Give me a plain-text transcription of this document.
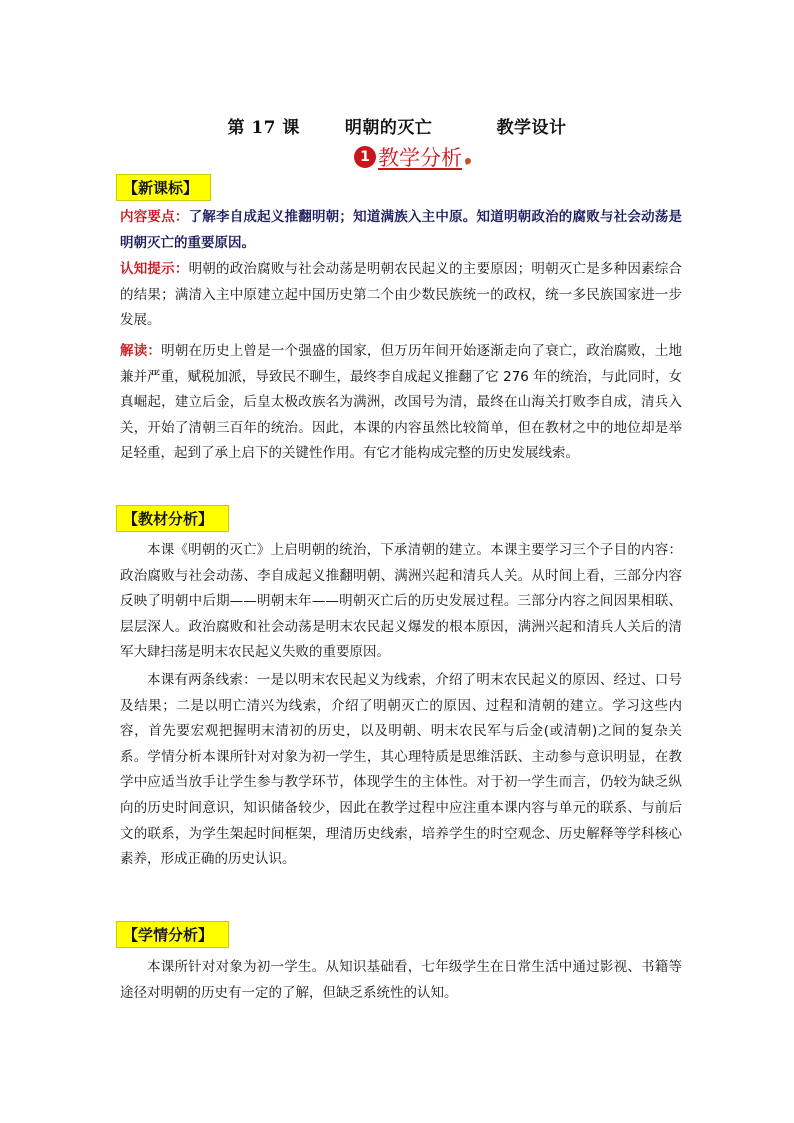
第 17 课	明朝的灭亡	教学设计
1 教学分析
【新课标】

内容要点：了解李自成起义推翻明朝；知道满族入主中原。知道明朝政治的腐败与社会动荡是明朝灭亡的重要原因。

认知提示：明朝的政治腐败与社会动荡是明朝农民起义的主要原因；明朝灭亡是多种因素综合的结果；满清入主中原建立起中国历史第二个由少数民族统一的政权，统一多民族国家进一步发展。

解读：明朝在历史上曾是一个强盛的国家，但万历年间开始逐渐走向了衰亡，政治腐败，土地兼并严重，赋税加派，导致民不聊生，最终李自成起义推翻了它 276 年的统治，与此同时，女真崛起，建立后金，后皇太极改族名为满洲，改国号为清，最终在山海关打败李自成，清兵入关，开始了清朝三百年的统治。因此，本课的内容虽然比较简单，但在教材之中的地位却是举足轻重，起到了承上启下的关键性作用。有它才能构成完整的历史发展线索。

【教材分析】

本课《明朝的灭亡》上启明朝的统治，下承清朝的建立。本课主要学习三个子目的内容：政治腐败与社会动荡、李自成起义推翻明朝、满洲兴起和清兵人关。从时间上看，三部分内容反映了明朝中后期——明朝末年——明朝灭亡后的历史发展过程。三部分内容之间因果相联、层层深人。政治腐败和社会动荡是明末农民起义爆发的根本原因，满洲兴起和清兵人关后的清军大肆扫荡是明末农民起义失败的重要原因。

本课有两条线索：一是以明末农民起义为线索，介绍了明末农民起义的原因、经过、口号及结果；二是以明亡清兴为线索，介绍了明朝灭亡的原因、过程和清朝的建立。学习这些内容，首先要宏观把握明末清初的历史，以及明朝、明末农民军与后金(或清朝)之间的复杂关系。学情分析本课所针对对象为初一学生，其心理特质是思维活跃、主动参与意识明显，在教学中应适当放手让学生参与教学环节，体现学生的主体性。对于初一学生而言，仍较为缺乏纵向的历史时间意识，知识储备较少，因此在教学过程中应注重本课内容与单元的联系、与前后文的联系，为学生架起时间框架，理清历史线索，培养学生的时空观念、历史解释等学科核心素养，形成正确的历史认识。

【学情分析】

本课所针对对象为初一学生。从知识基础看，七年级学生在日常生活中通过影视、书籍等途径对明朝的历史有一定的了解，但缺乏系统性的认知。
